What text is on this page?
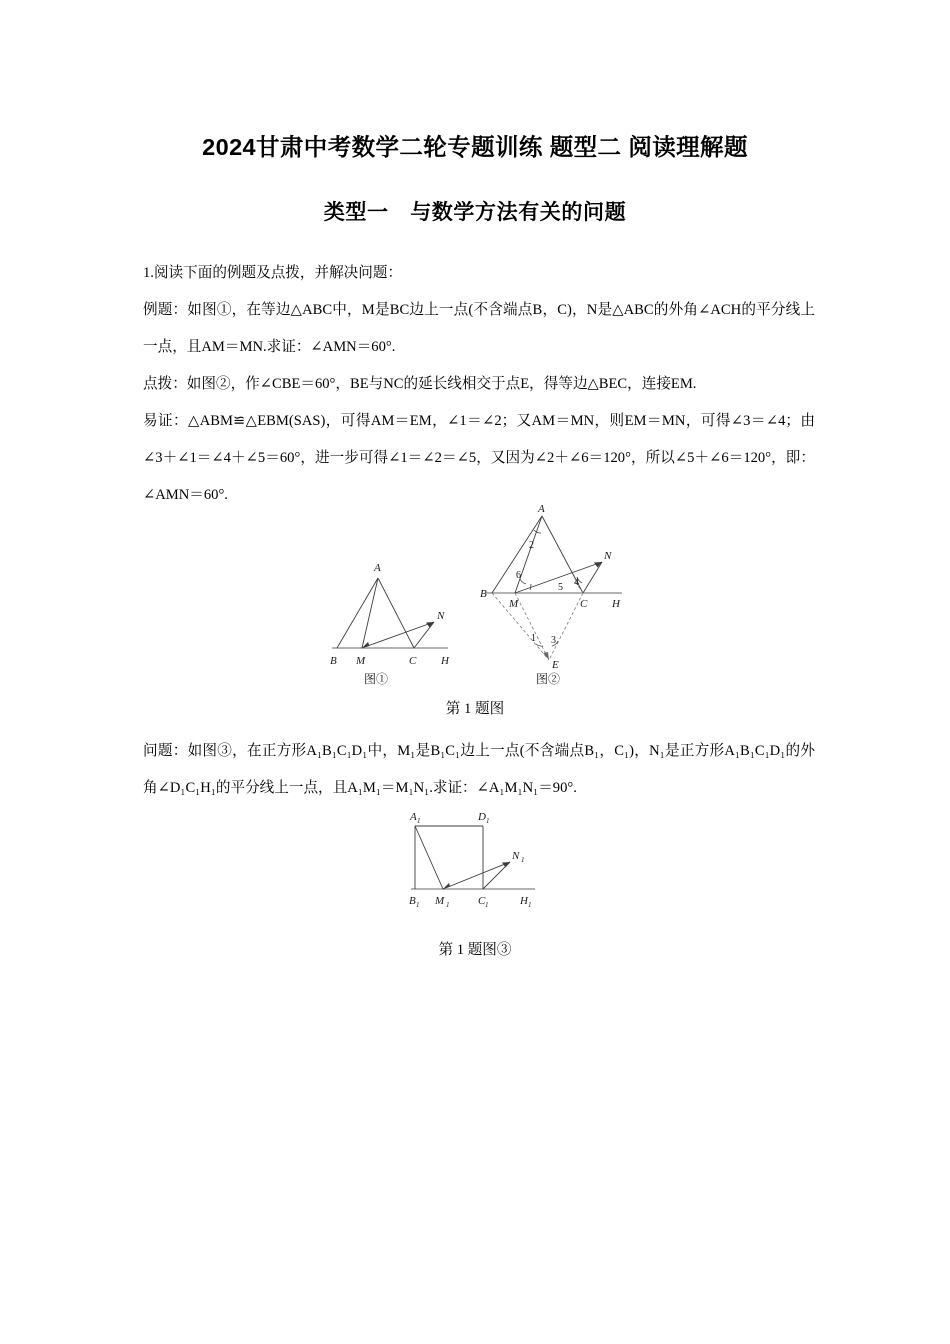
2024甘肃中考数学二轮专题训练 题型二 阅读理解题
类型一　与数学方法有关的问题
1.阅读下面的例题及点拨，并解决问题：
例题：如图①，在等边△ABC中，M是BC边上一点(不含端点B，C)，N是△ABC的外角∠ACH的平分线上一点，且AM＝MN.求证：∠AMN＝60°.
点拨：如图②，作∠CBE＝60°，BE与NC的延长线相交于点E，得等边△BEC，连接EM.
易证：△ABM≌△EBM(SAS)，可得AM＝EM，∠1＝∠2；又AM＝MN，则EM＝MN，可得∠3＝∠4；由∠3＋∠1＝∠4＋∠5＝60°，进一步可得∠1＝∠2＝∠5，又因为∠2＋∠6＝120°，所以∠5＋∠6＝120°，即：∠AMN＝60°.
A
B M	C H
N
图①
A
B
M	C H
N
E
2
6
5 4
1 3
图②
第 1 题图
问题：如图③，在正方形A₁B₁C₁D₁中，M₁是B₁C₁边上一点(不含端点B₁，C₁)，N₁是正方形A₁B₁C₁D₁的外角∠D₁C₁H₁的平分线上一点，且A₁M₁＝M₁N₁.求证：∠A₁M₁N₁＝90°.
A 1	D 1
B 1 M 1	C 1	H 1
N 1
第 1 题图③
